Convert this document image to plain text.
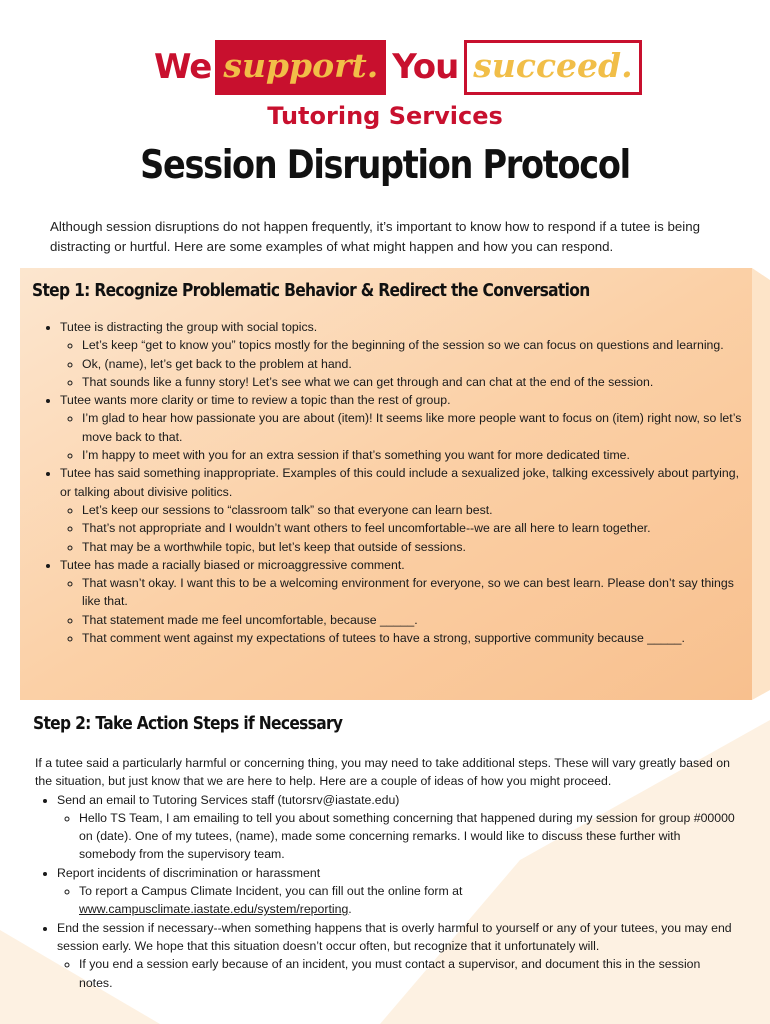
We support. You succeed.
Tutoring Services
Session Disruption Protocol
Although session disruptions do not happen frequently, it’s important to know how to respond if a tutee is being distracting or hurtful. Here are some examples of what might happen and how you can respond.
Step 1: Recognize Problematic Behavior & Redirect the Conversation
• Tutee is distracting the group with social topics.
◦ Let’s keep “get to know you” topics mostly for the beginning of the session so we can focus on questions and learning.
◦ Ok, (name), let’s get back to the problem at hand.
◦ That sounds like a funny story! Let’s see what we can get through and can chat at the end of the session.
• Tutee wants more clarity or time to review a topic than the rest of group.
◦ I’m glad to hear how passionate you are about (item)! It seems like more people want to focus on (item) right now, so let’s move back to that.
◦ I’m happy to meet with you for an extra session if that’s something you want for more dedicated time.
• Tutee has said something inappropriate. Examples of this could include a sexualized joke, talking excessively about partying, or talking about divisive politics.
◦ Let’s keep our sessions to “classroom talk” so that everyone can learn best.
◦ That’s not appropriate and I wouldn’t want others to feel uncomfortable--we are all here to learn together.
◦ That may be a worthwhile topic, but let’s keep that outside of sessions.
• Tutee has made a racially biased or microaggressive comment.
◦ That wasn’t okay. I want this to be a welcoming environment for everyone, so we can best learn. Please don’t say things like that.
◦ That statement made me feel uncomfortable, because _____.
◦ That comment went against my expectations of tutees to have a strong, supportive community because _____.
Step 2: Take Action Steps if Necessary

If a tutee said a particularly harmful or concerning thing, you may need to take additional steps. These will vary greatly based on the situation, but just know that we are here to help. Here are a couple of ideas of how you might proceed.

• Send an email to Tutoring Services staff (tutorsrv@iastate.edu)
◦ Hello TS Team, I am emailing to tell you about something concerning that happened during my session for group #00000 on (date). One of my tutees, (name), made some concerning remarks. I would like to discuss these further with somebody from the supervisory team.
• Report incidents of discrimination or harassment
◦ To report a Campus Climate Incident, you can fill out the online form at www.campusclimate.iastate.edu/system/reporting.
• End the session if necessary--when something happens that is overly harmful to yourself or any of your tutees, you may end session early. We hope that this situation doesn’t occur often, but recognize that it unfortunately will.
◦ If you end a session early because of an incident, you must contact a supervisor, and document this in the session notes.
